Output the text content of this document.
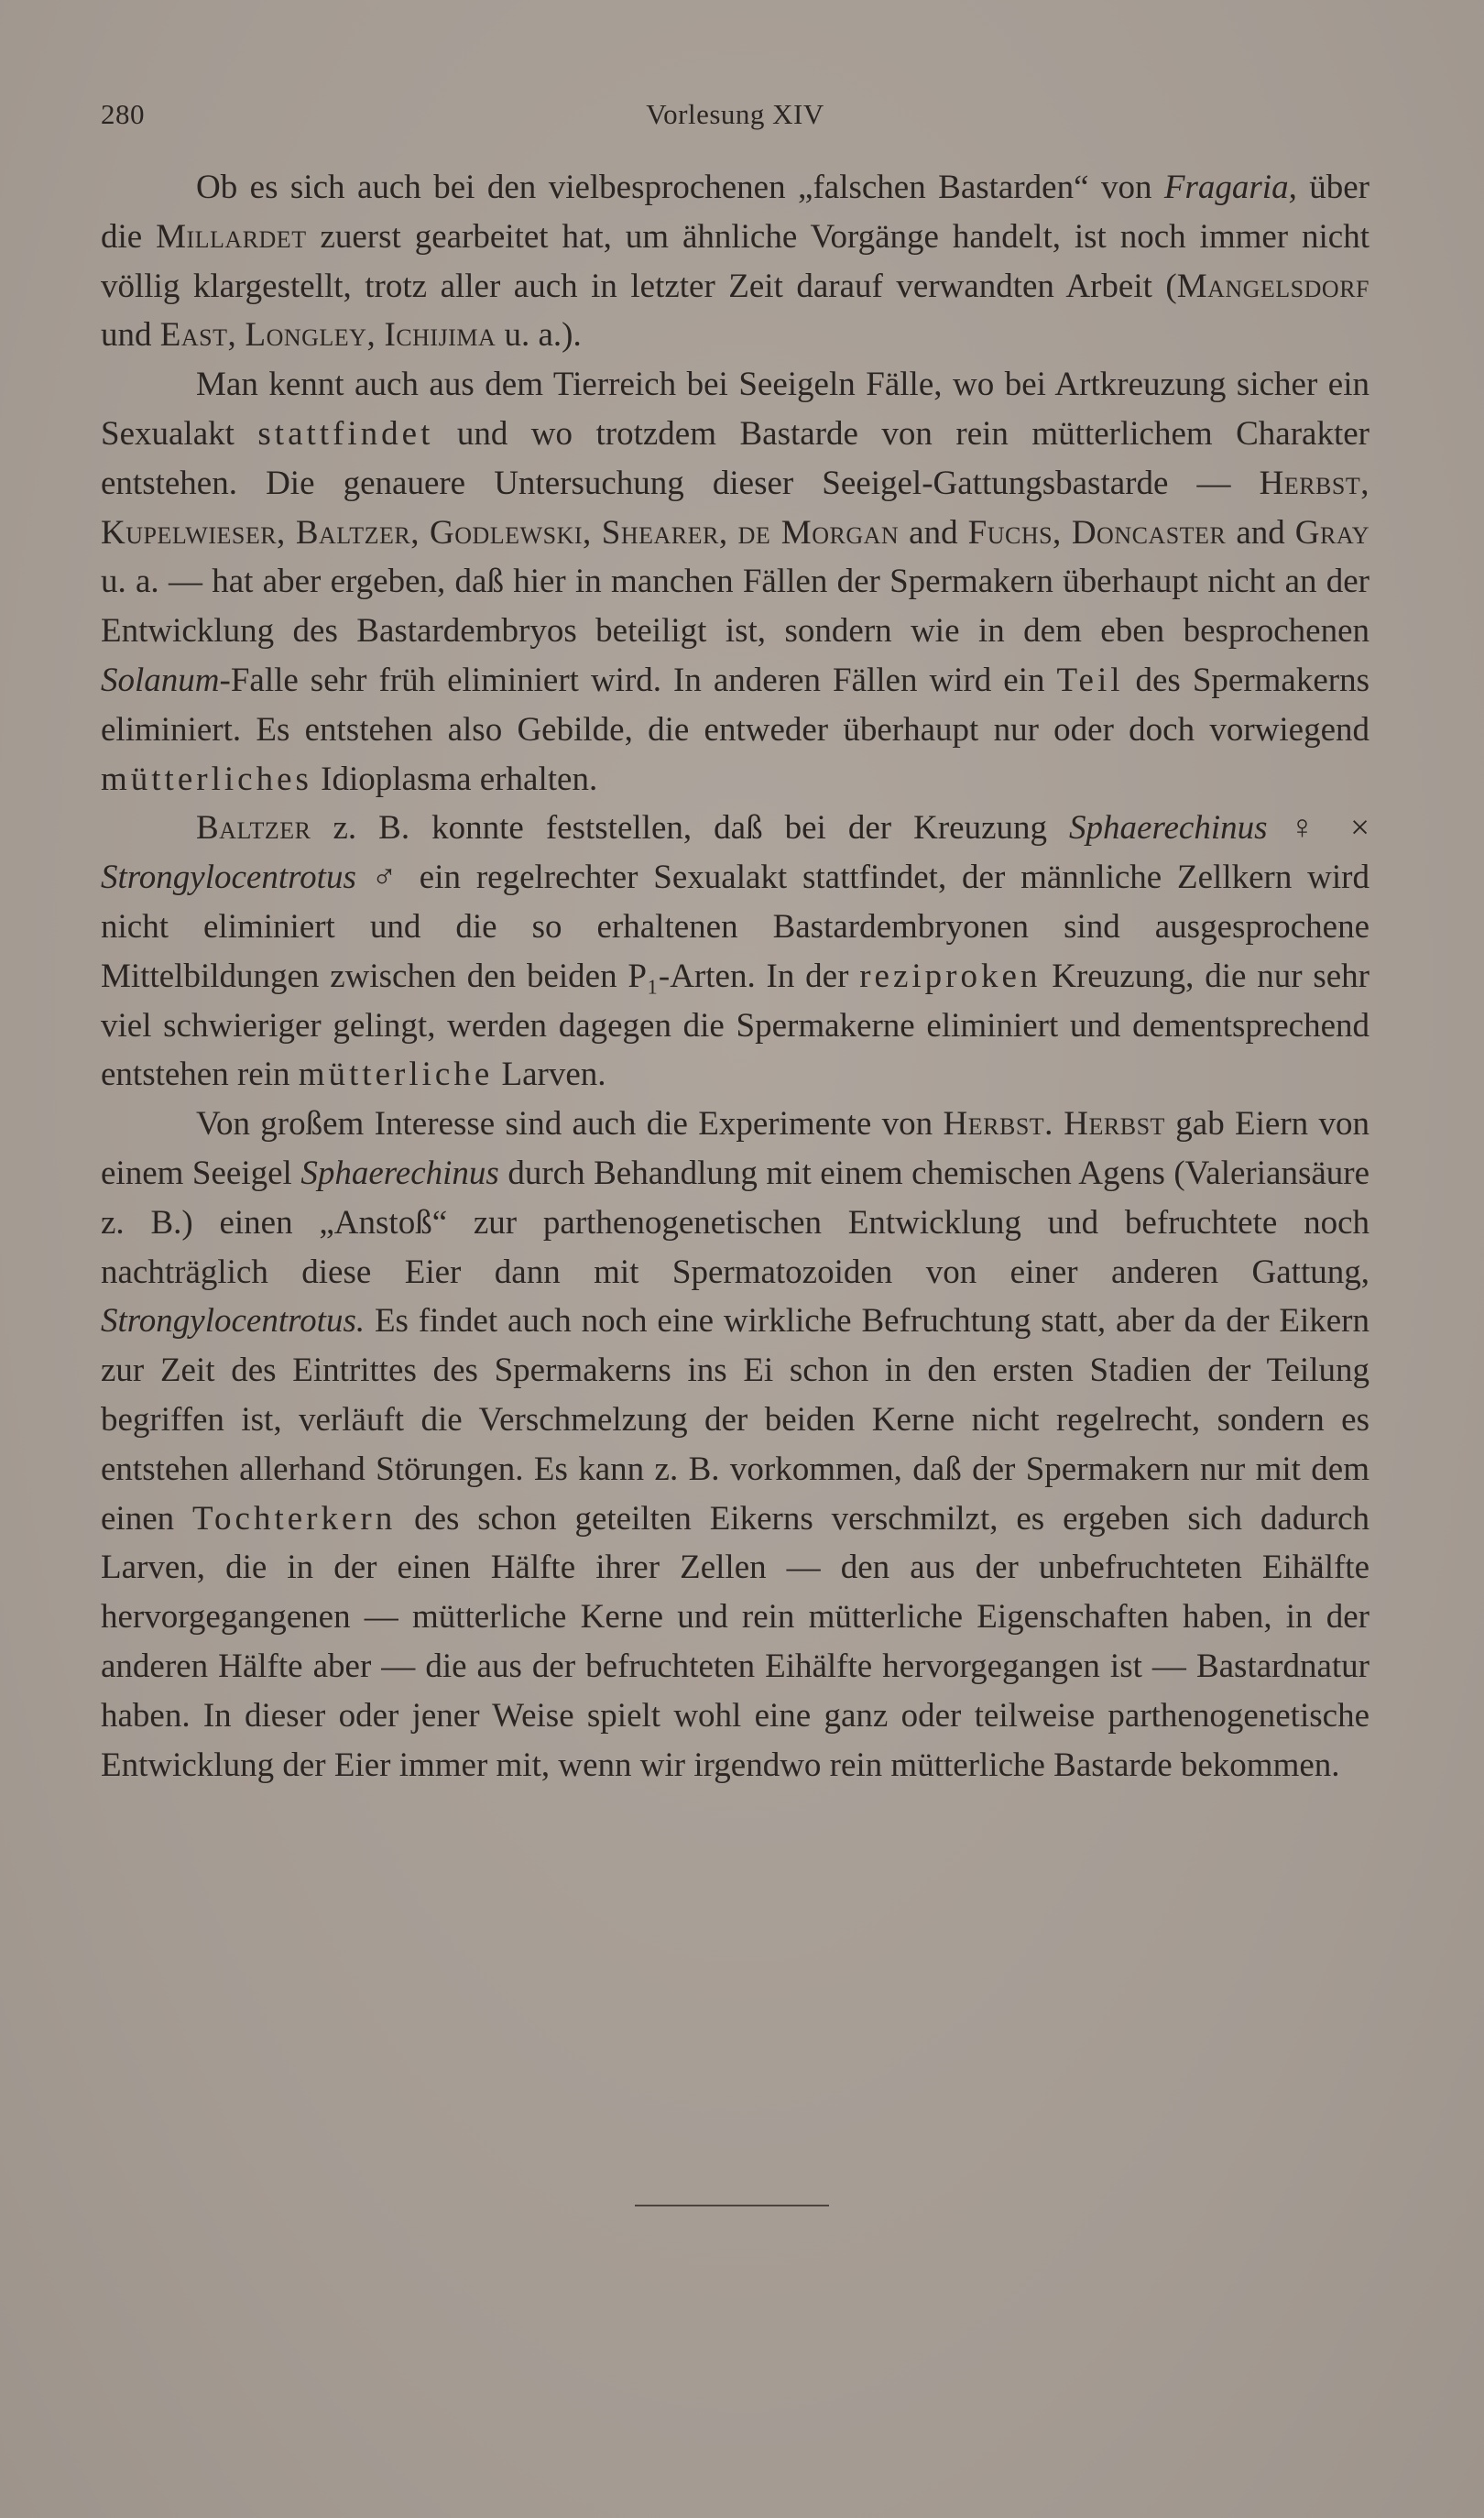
280	Vorlesung XIV

Ob es sich auch bei den vielbesprochenen „falschen Bastarden“ von Fragaria, über die Millardet zuerst gearbeitet hat, um ähnliche Vorgänge handelt, ist noch immer nicht völlig klargestellt, trotz aller auch in letzter Zeit darauf verwandten Arbeit (Mangelsdorf und East, Longley, Ichijima u. a.).

Man kennt auch aus dem Tierreich bei Seeigeln Fälle, wo bei Artkreuzung sicher ein Sexualakt stattfindet und wo trotzdem Bastarde von rein mütterlichem Charakter entstehen. Die genauere Untersuchung dieser Seeigel-Gattungsbastarde — Herbst, Kupelwieser, Baltzer, Godlewski, Shearer, de Morgan and Fuchs, Doncaster and Gray u. a. — hat aber ergeben, daß hier in manchen Fällen der Spermakern überhaupt nicht an der Entwicklung des Bastardembryos beteiligt ist, sondern wie in dem eben besprochenen Solanum-Falle sehr früh eliminiert wird. In anderen Fällen wird ein Teil des Spermakerns eliminiert. Es entstehen also Gebilde, die entweder überhaupt nur oder doch vorwiegend mütterliches Idioplasma erhalten.

Baltzer z. B. konnte feststellen, daß bei der Kreuzung Sphaerechinus ♀ × Strongylocentrotus ♂ ein regelrechter Sexualakt stattfindet, der männliche Zellkern wird nicht eliminiert und die so erhaltenen Bastardembryonen sind ausgesprochene Mittelbildungen zwischen den beiden P₁-Arten. In der reziproken Kreuzung, die nur sehr viel schwieriger gelingt, werden dagegen die Spermakerne eliminiert und dementsprechend entstehen rein mütterliche Larven.

Von großem Interesse sind auch die Experimente von Herbst. Herbst gab Eiern von einem Seeigel Sphaerechinus durch Behandlung mit einem chemischen Agens (Valeriansäure z. B.) einen „Anstoß“ zur parthenogenetischen Entwicklung und befruchtete noch nachträglich diese Eier dann mit Spermatozoiden von einer anderen Gattung, Strongylocentrotus. Es findet auch noch eine wirkliche Befruchtung statt, aber da der Eikern zur Zeit des Eintrittes des Spermakerns ins Ei schon in den ersten Stadien der Teilung begriffen ist, verläuft die Verschmelzung der beiden Kerne nicht regelrecht, sondern es entstehen allerhand Störungen. Es kann z. B. vorkommen, daß der Spermakern nur mit dem einen Tochterkern des schon geteilten Eikerns verschmilzt, es ergeben sich dadurch Larven, die in der einen Hälfte ihrer Zellen — den aus der unbefruchteten Eihälfte hervorgegangenen — mütterliche Kerne und rein mütterliche Eigenschaften haben, in der anderen Hälfte aber — die aus der befruchteten Eihälfte hervorgegangen ist — Bastardnatur haben. In dieser oder jener Weise spielt wohl eine ganz oder teilweise parthenogenetische Entwicklung der Eier immer mit, wenn wir irgendwo rein mütterliche Bastarde bekommen.
